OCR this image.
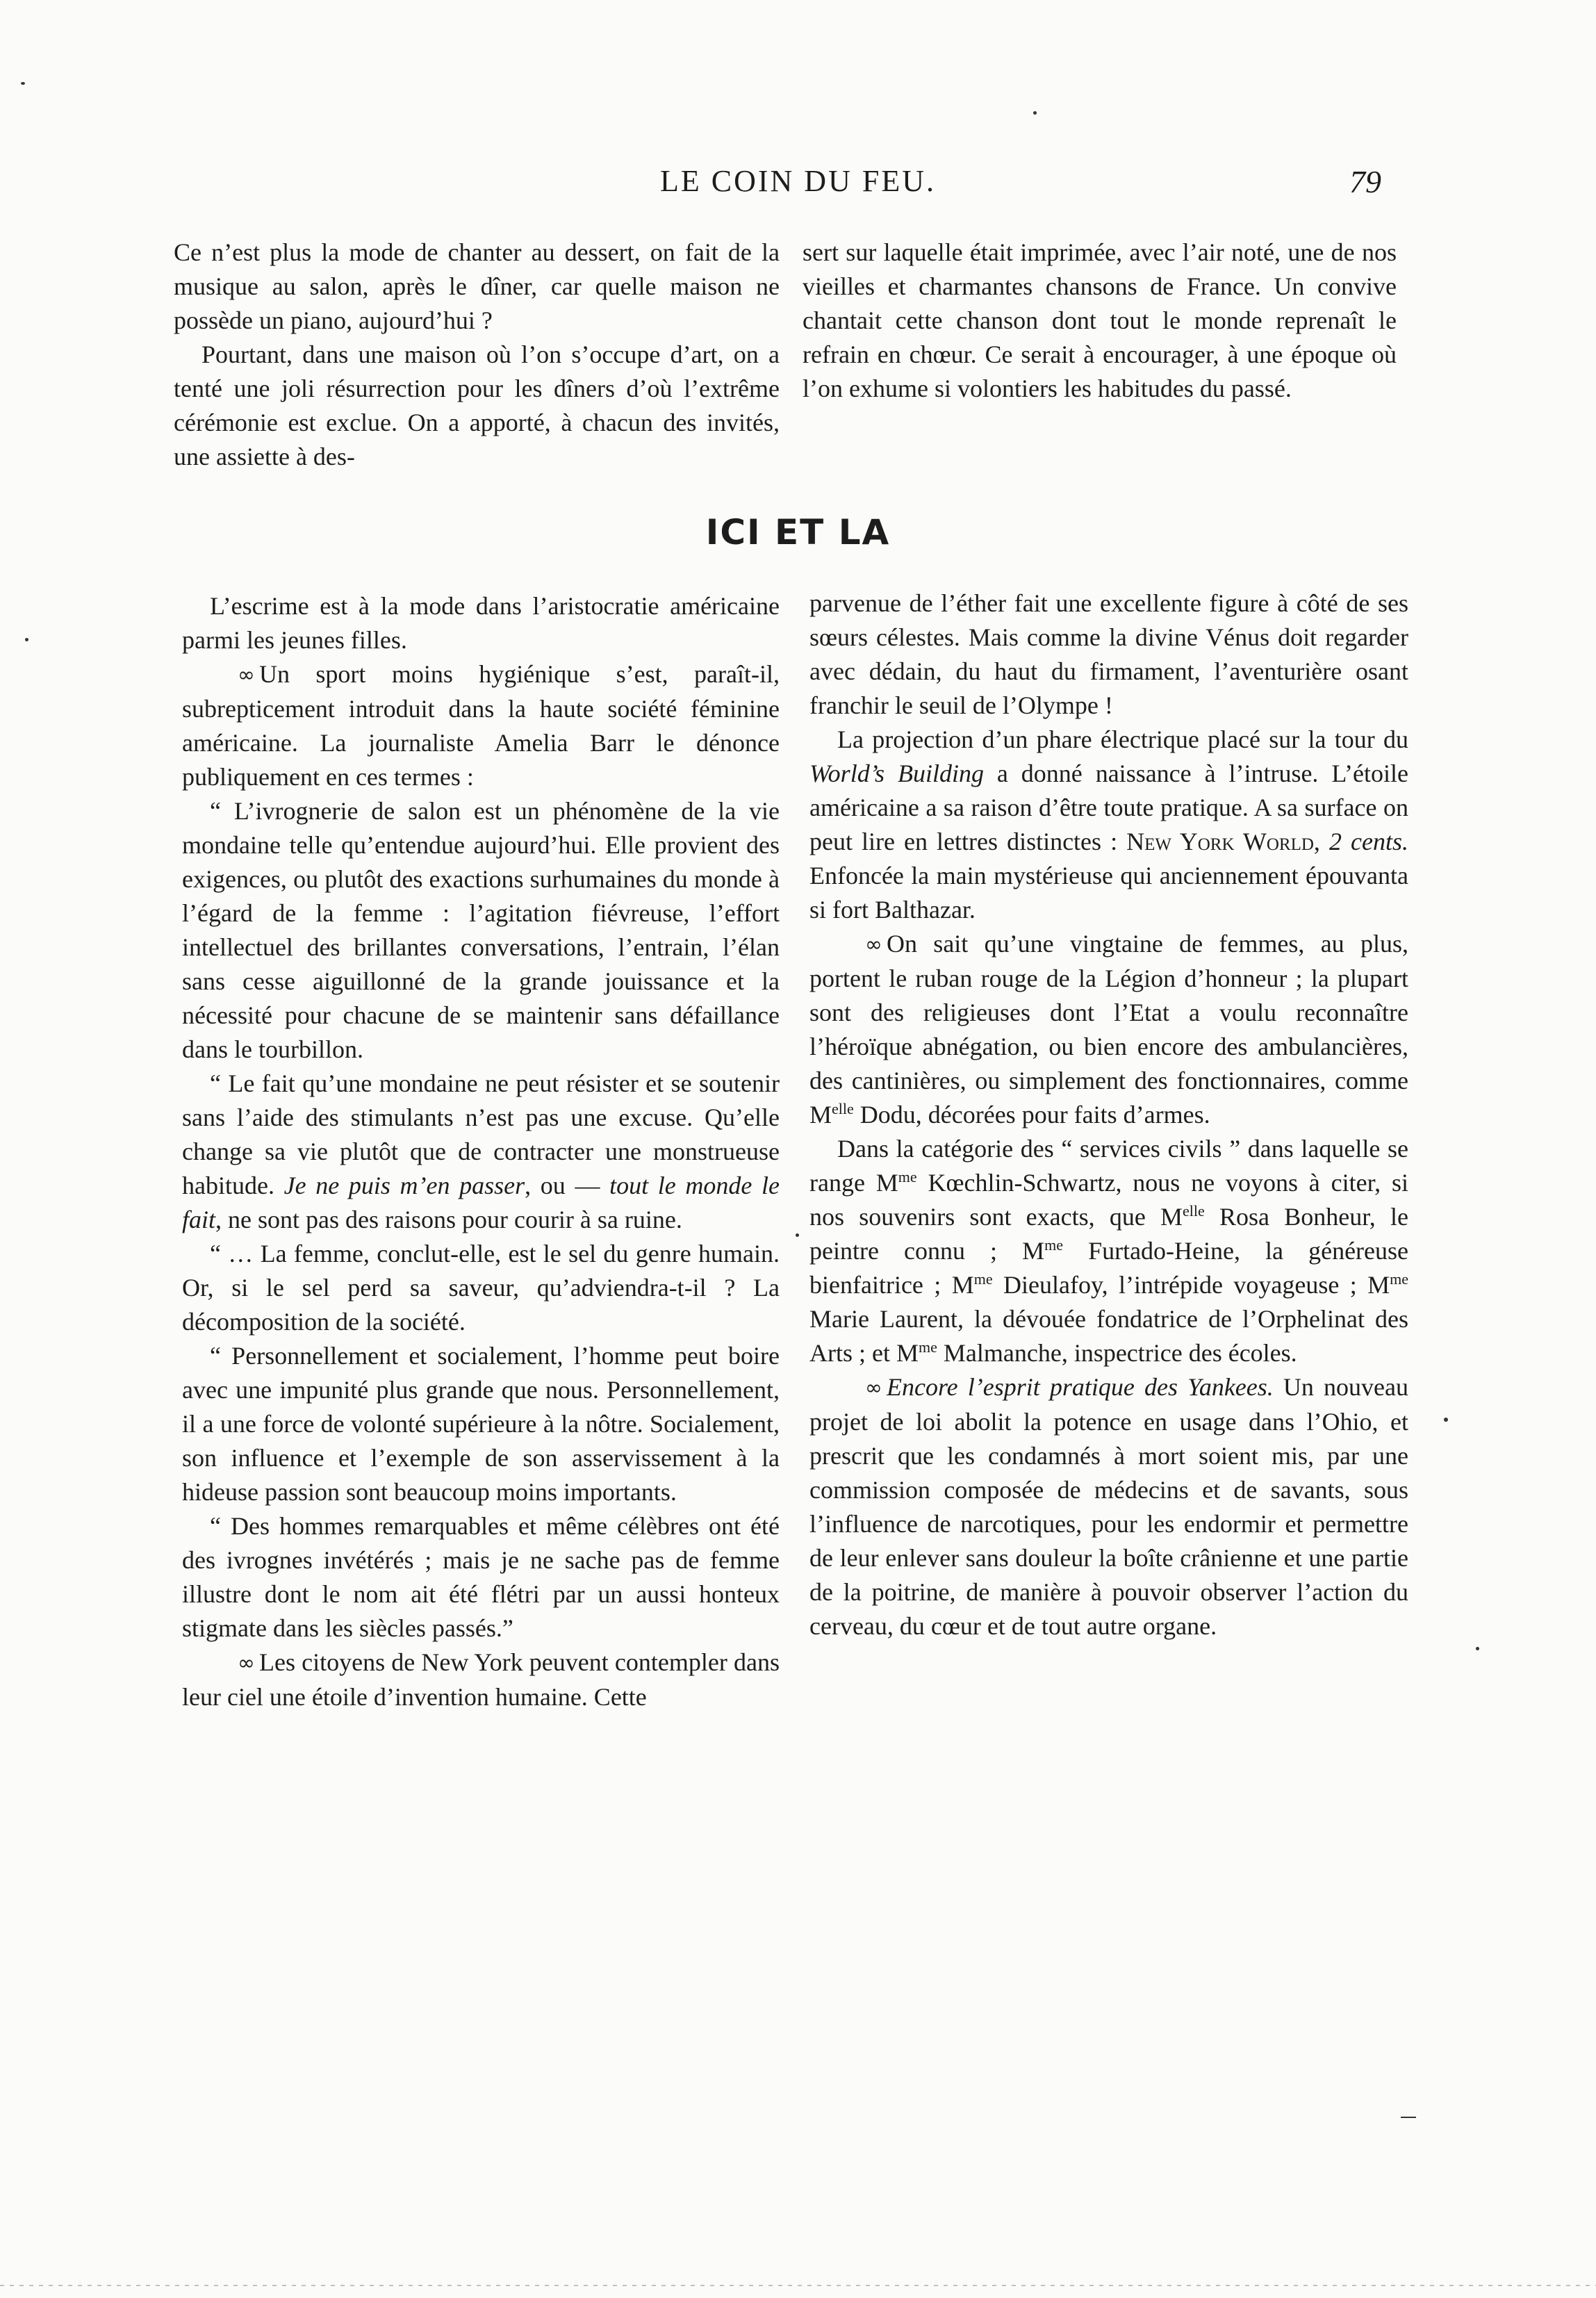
LE COIN DU FEU.	79

Ce n’est plus la mode de chanter au dessert, on fait de la musique au salon, après le dîner, car quelle maison ne possède un piano, aujourd’hui ?

Pourtant, dans une maison où l’on s’occupe d’art, on a tenté une joli résurrection pour les dîners d’où l’extrême cérémonie est exclue. On a apporté, à chacun des invités, une assiette à des-

sert sur laquelle était imprimée, avec l’air noté, une de nos vieilles et charmantes chansons de France. Un convive chantait cette chanson dont tout le monde reprenaît le refrain en chœur. Ce serait à encourager, à une époque où l’on exhume si volontiers les habitudes du passé.

ICI ET LA

L’escrime est à la mode dans l’aristocratie américaine parmi les jeunes filles.

∞ Un sport moins hygiénique s’est, paraît-il, subrepticement introduit dans la haute société féminine américaine. La journaliste Amelia Barr le dénonce publiquement en ces termes :

“ L’ivrognerie de salon est un phénomène de la vie mondaine telle qu’entendue aujourd’hui. Elle provient des exigences, ou plutôt des exactions surhumaines du monde à l’égard de la femme : l’agitation fiévreuse, l’effort intellectuel des brillantes conversations, l’entrain, l’élan sans cesse aiguillonné de la grande jouissance et la nécessité pour chacune de se maintenir sans défaillance dans le tourbillon.

“ Le fait qu’une mondaine ne peut résister et se soutenir sans l’aide des stimulants n’est pas une excuse. Qu’elle change sa vie plutôt que de contracter une monstrueuse habitude. Je ne puis m’en passer, ou — tout le monde le fait, ne sont pas des raisons pour courir à sa ruine.

“ … La femme, conclut-elle, est le sel du genre humain. Or, si le sel perd sa saveur, qu’adviendra-t-il ? La décomposition de la société.

“ Personnellement et socialement, l’homme peut boire avec une impunité plus grande que nous. Personnellement, il a une force de volonté supérieure à la nôtre. Socialement, son influence et l’exemple de son asservissement à la hideuse passion sont beaucoup moins importants.

“ Des hommes remarquables et même célèbres ont été des ivrognes invétérés ; mais je ne sache pas de femme illustre dont le nom ait été flétri par un aussi honteux stigmate dans les siècles passés.”

∞ Les citoyens de New York peuvent contempler dans leur ciel une étoile d’invention humaine. Cette

parvenue de l’éther fait une excellente figure à côté de ses sœurs célestes. Mais comme la divine Vénus doit regarder avec dédain, du haut du firmament, l’aventurière osant franchir le seuil de l’Olympe !

La projection d’un phare électrique placé sur la tour du World’s Building a donné naissance à l’intruse. L’étoile américaine a sa raison d’être toute pratique. A sa surface on peut lire en lettres distinctes : New York World, 2 cents. Enfoncée la main mystérieuse qui anciennement épouvanta si fort Balthazar.

∞ On sait qu’une vingtaine de femmes, au plus, portent le ruban rouge de la Légion d’honneur ; la plupart sont des religieuses dont l’Etat a voulu reconnaître l’héroïque abnégation, ou bien encore des ambulancières, des cantinières, ou simplement des fonctionnaires, comme $M^{elle}$ Dodu, décorées pour faits d’armes.

Dans la catégorie des “ services civils ” dans laquelle se range $M^{me}$ Kœchlin-Schwartz, nous ne voyons à citer, si nos souvenirs sont exacts, que $M^{elle}$ Rosa Bonheur, le peintre connu ; $M^{me}$ Furtado-Heine, la généreuse bienfaitrice ; $M^{me}$ Dieulafoy, l’intrépide voyageuse ; $M^{me}$ Marie Laurent, la dévouée fondatrice de l’Orphelinat des Arts ; et $M^{me}$ Malmanche, inspectrice des écoles.

∞ Encore l’esprit pratique des Yankees. Un nouveau projet de loi abolit la potence en usage dans l’Ohio, et prescrit que les condamnés à mort soient mis, par une commission composée de médecins et de savants, sous l’influence de narcotiques, pour les endormir et permettre de leur enlever sans douleur la boîte crânienne et une partie de la poitrine, de manière à pouvoir observer l’action du cerveau, du cœur et de tout autre organe.
